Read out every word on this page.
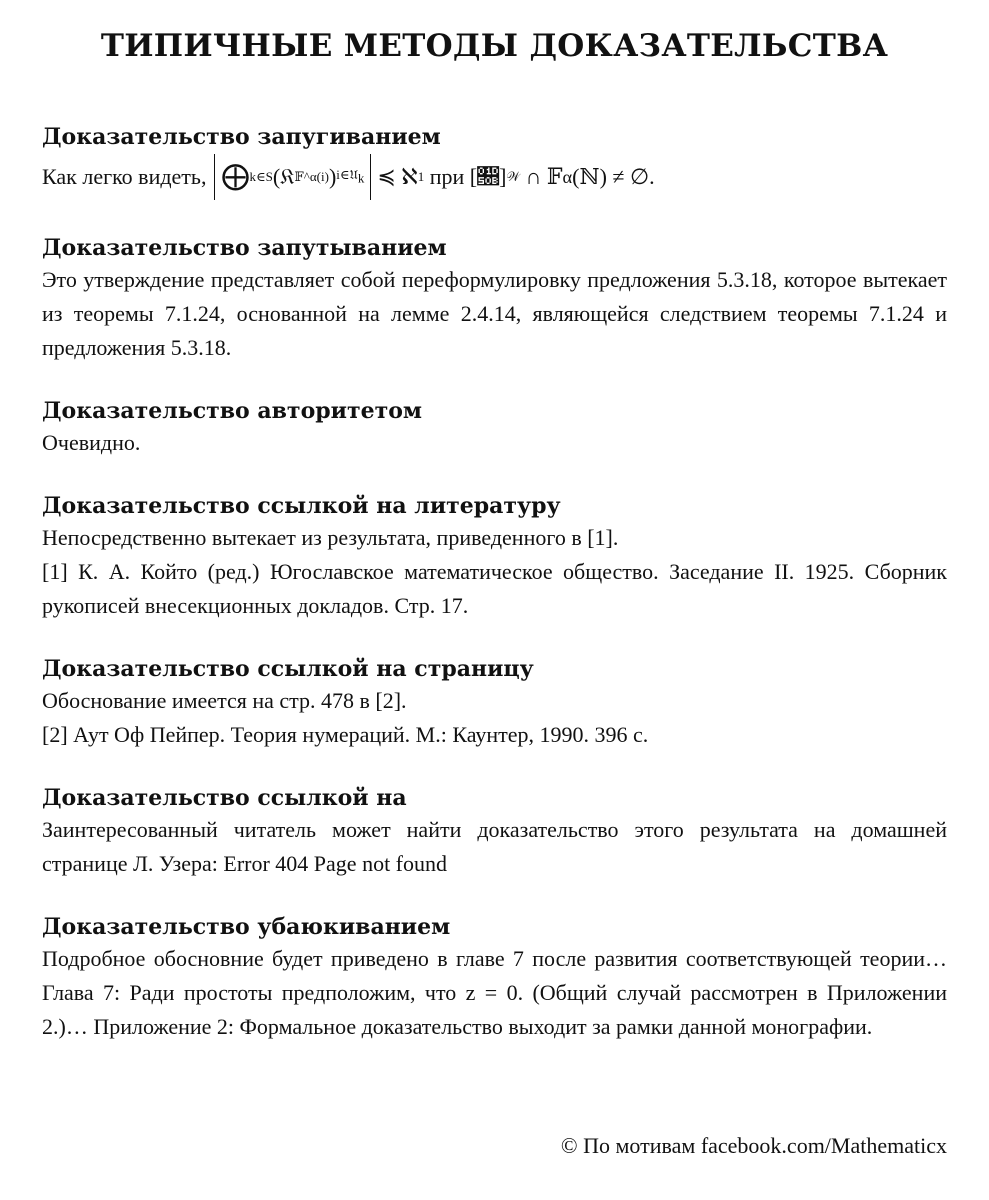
ТИПИЧНЫЕ МЕТОДЫ ДОКАЗАТЕЛЬСТВА
Доказательство запугиванием
Как легко видеть, ⨁ k∈S (𝔎 𝔽^α(i) ) i∈𝔘$_k$ ≼ ℵ 1
при [𝔋] 𝒲
∩ 𝔽 α (ℕ) ≠ ∅.
Доказательство запутыванием
Это утверждение представляет собой переформулировку предложения 5.3.18, которое вытекает из теоремы 7.1.24, основанной на лемме 2.4.14, являющейся следствием теоремы 7.1.24 и предложения 5.3.18.
Доказательство авторитетом
Очевидно.
Доказательство ссылкой на литературу
Непосредственно вытекает из результата, приведенного в [1].
[1] К. А. Който (ред.) Югославское математическое общество. Заседание II. 1925. Сборник рукописей внесекционных докладов. Стр. 17.
Доказательство ссылкой на страницу
Обоснование имеется на стр. 478 в [2].
[2] Аут Оф Пейпер. Теория нумераций. М.: Каунтер, 1990. 396 с.
Доказательство ссылкой на
Заинтересованный читатель может найти доказательство этого результата на домашней странице Л. Узера: Error 404 Page not found
Доказательство убаюкиванием
Подробное обосновние будет приведено в главе 7 после развития соответствующей теории… Глава 7: Ради простоты предположим, что z = 0. (Общий случай рассмотрен в Приложении 2.)… Приложение 2: Формальное доказательство выходит за рамки данной монографии.
© По мотивам facebook.com/Mathematicx
